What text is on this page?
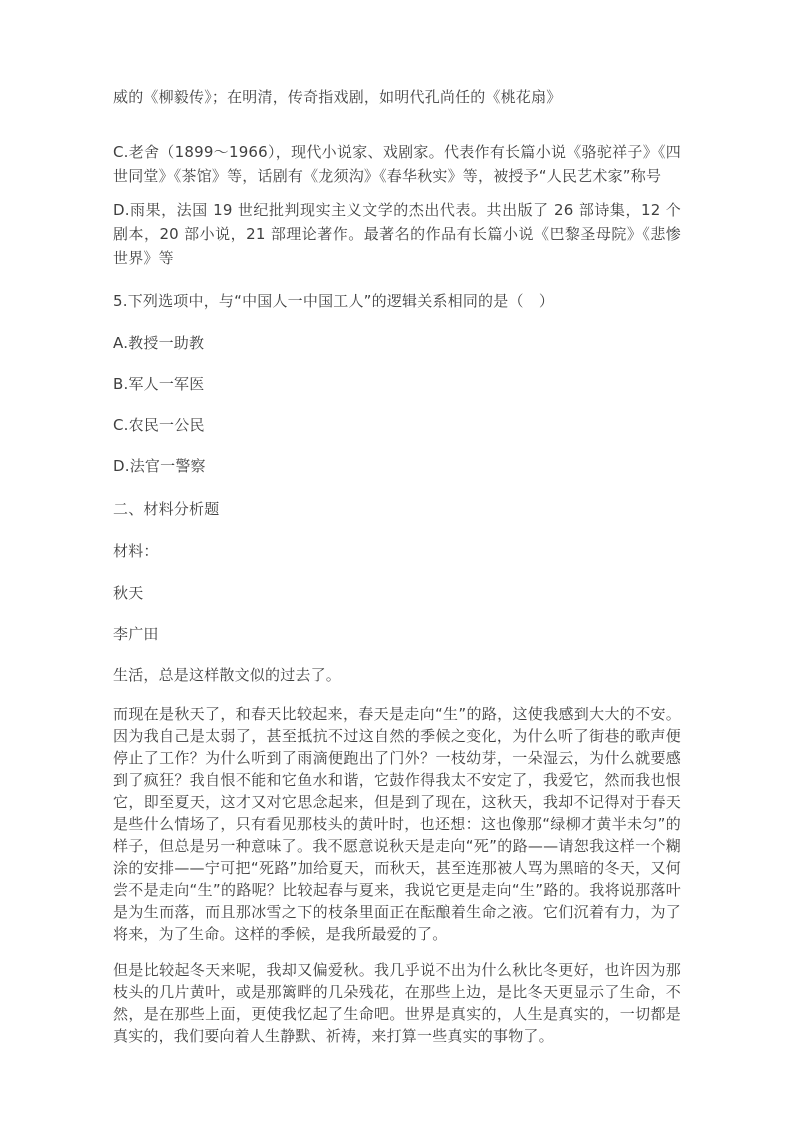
威的《柳毅传》；在明清，传奇指戏剧，如明代孔尚任的《桃花扇》

C.老舍（1899～1966），现代小说家、戏剧家。代表作有长篇小说《骆驼祥子》《四世同堂》《茶馆》等，话剧有《龙须沟》《春华秋实》等，被授予“人民艺术家”称号

D.雨果，法国 19 世纪批判现实主义文学的杰出代表。共出版了 26 部诗集，12 个剧本，20 部小说，21 部理论著作。最著名的作品有长篇小说《巴黎圣母院》《悲惨世界》等

5.下列选项中，与“中国人一中国工人”的逻辑关系相同的是（　）

A.教授一助教

B.军人一军医

C.农民一公民

D.法官一警察

二、材料分析题

材料：

秋天

李广田

生活，总是这样散文似的过去了。

而现在是秋天了，和春天比较起来，春天是走向“生”的路，这使我感到大大的不安。因为我自己是太弱了，甚至抵抗不过这自然的季候之变化，为什么听了街巷的歌声便停止了工作？为什么听到了雨滴便跑出了门外？一枝幼芽，一朵湿云，为什么就要感到了疯狂？我自恨不能和它鱼水和谐，它鼓作得我太不安定了，我爱它，然而我也恨它，即至夏天，这才又对它思念起来，但是到了现在，这秋天，我却不记得对于春天是些什么情场了，只有看见那枝头的黄叶时，也还想：这也像那“绿柳才黄半未匀”的样子，但总是另一种意味了。我不愿意说秋天是走向“死”的路——请恕我这样一个糊涂的安排——宁可把“死路”加给夏天，而秋天，甚至连那被人骂为黑暗的冬天，又何尝不是走向“生”的路呢？比较起春与夏来，我说它更是走向“生”路的。我将说那落叶是为生而落，而且那冰雪之下的枝条里面正在酝酿着生命之液。它们沉着有力，为了将来，为了生命。这样的季候，是我所最爱的了。

但是比较起冬天来呢，我却又偏爱秋。我几乎说不出为什么秋比冬更好，也许因为那枝头的几片黄叶，或是那篱畔的几朵残花，在那些上边，是比冬天更显示了生命，不然，是在那些上面，更使我忆起了生命吧。世界是真实的，人生是真实的，一切都是真实的，我们要向着人生静默、祈祷，来打算一些真实的事物了。
